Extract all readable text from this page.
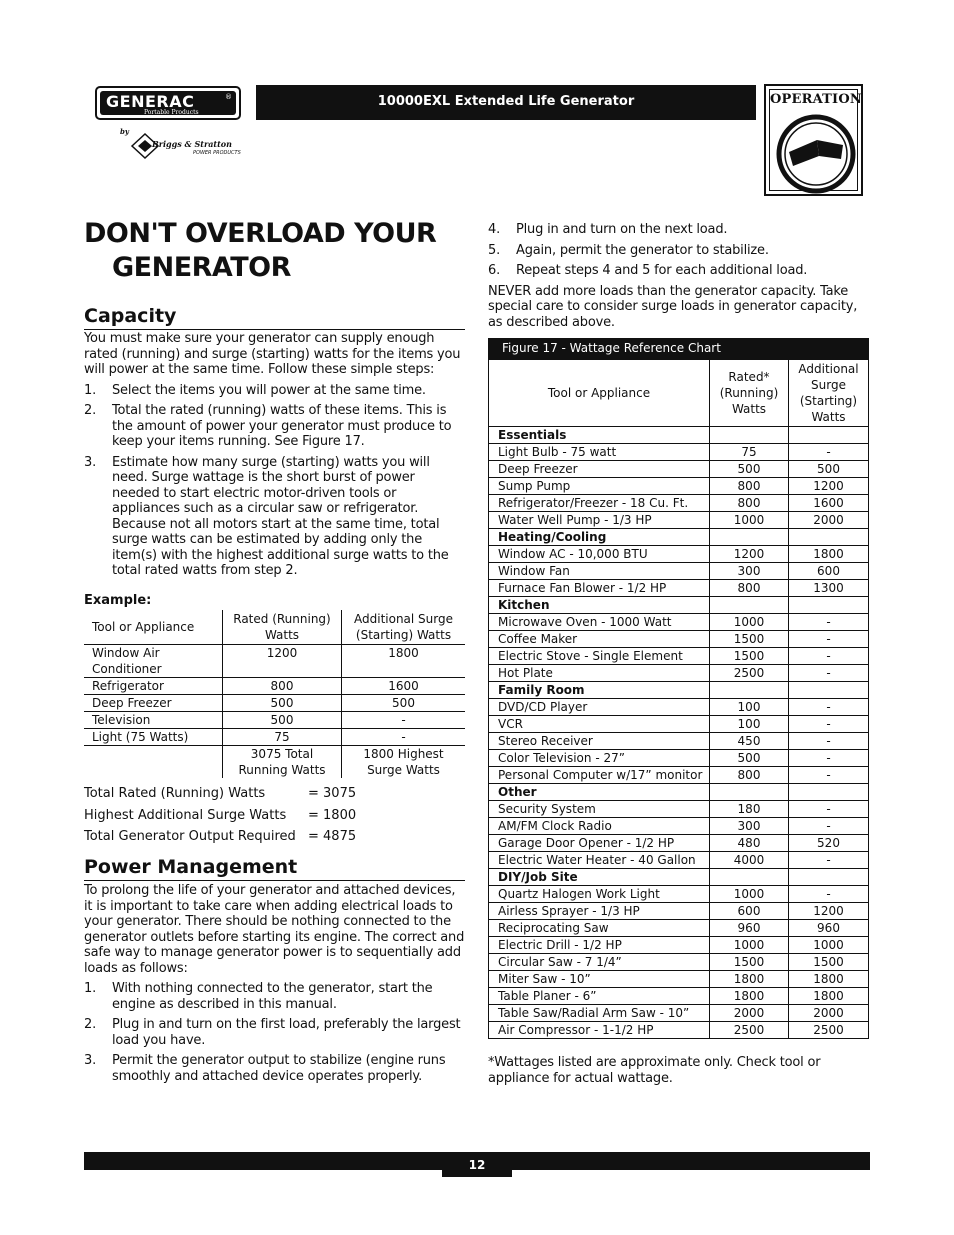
GENERAC	®
Portable Products
by
Briggs & Stratton
POWER PRODUCTS
10000EXL Extended Life Generator	OPERATION
DON'T OVERLOAD YOUR
GENERATOR
Capacity
You must make sure your generator can supply enough rated (running) and surge (starting) watts for the items you will power at the same time. Follow these simple steps:
1. Select the items you will power at the same time.
2. Total the rated (running) watts of these items. This is the amount of power your generator must produce to keep your items running. See Figure 17.
3. Estimate how many surge (starting) watts you will need. Surge wattage is the short burst of power needed to start electric motor-driven tools or appliances such as a circular saw or refrigerator. Because not all motors start at the same time, total surge watts can be estimated by adding only the item(s) with the highest additional surge watts to the total rated watts from step 2.
Example:
Tool or Appliance	Rated (Running) Watts	Additional Surge (Starting) Watts
Window Air Conditioner	1200	1800
Refrigerator	800	1600
Deep Freezer	500	500
Television	500	-
Light (75 Watts)	75	-
	3075 Total Running Watts	1800 Highest Surge Watts
Total Rated (Running) Watts	= 3075
Highest Additional Surge Watts = 1800
Total Generator Output Required = 4875
Power Management
To prolong the life of your generator and attached devices, it is important to take care when adding electrical loads to your generator. There should be nothing connected to the generator outlets before starting its engine. The correct and safe way to manage generator power is to sequentially add loads as follows:
1. With nothing connected to the generator, start the engine as described in this manual.
2. Plug in and turn on the first load, preferably the largest load you have.
3. Permit the generator output to stabilize (engine runs smoothly and attached device operates properly.
4. Plug in and turn on the next load.
5. Again, permit the generator to stabilize.
6. Repeat steps 4 and 5 for each additional load.
NEVER add more loads than the generator capacity. Take special care to consider surge loads in generator capacity, as described above.
Figure 17 - Wattage Reference Chart
Tool or Appliance	Rated* (Running) Watts	Additional Surge (Starting) Watts
Essentials		
Light Bulb - 75 watt	75	-
Deep Freezer	500	500
Sump Pump	800	1200
Refrigerator/Freezer - 18 Cu. Ft.	800	1600
Water Well Pump - 1/3 HP	1000	2000
Heating/Cooling		
Window AC - 10,000 BTU	1200	1800
Window Fan	300	600
Furnace Fan Blower - 1/2 HP	800	1300
Kitchen		
Microwave Oven - 1000 Watt	1000	-
Coffee Maker	1500	-
Electric Stove - Single Element	1500	-
Hot Plate	2500	-
Family Room		
DVD/CD Player	100	-
VCR	100	-
Stereo Receiver	450	-
Color Television - 27”	500	-
Personal Computer w/17” monitor	800	-
Other		
Security System	180	-
AM/FM Clock Radio	300	-
Garage Door Opener - 1/2 HP	480	520
Electric Water Heater - 40 Gallon	4000	-
DIY/Job Site		
Quartz Halogen Work Light	1000	-
Airless Sprayer - 1/3 HP	600	1200
Reciprocating Saw	960	960
Electric Drill - 1/2 HP	1000	1000
Circular Saw - 7 1/4”	1500	1500
Miter Saw - 10”	1800	1800
Table Planer - 6”	1800	1800
Table Saw/Radial Arm Saw - 10”	2000	2000
Air Compressor - 1-1/2 HP	2500	2500
*Wattages listed are approximate only. Check tool or appliance for actual wattage.
12
